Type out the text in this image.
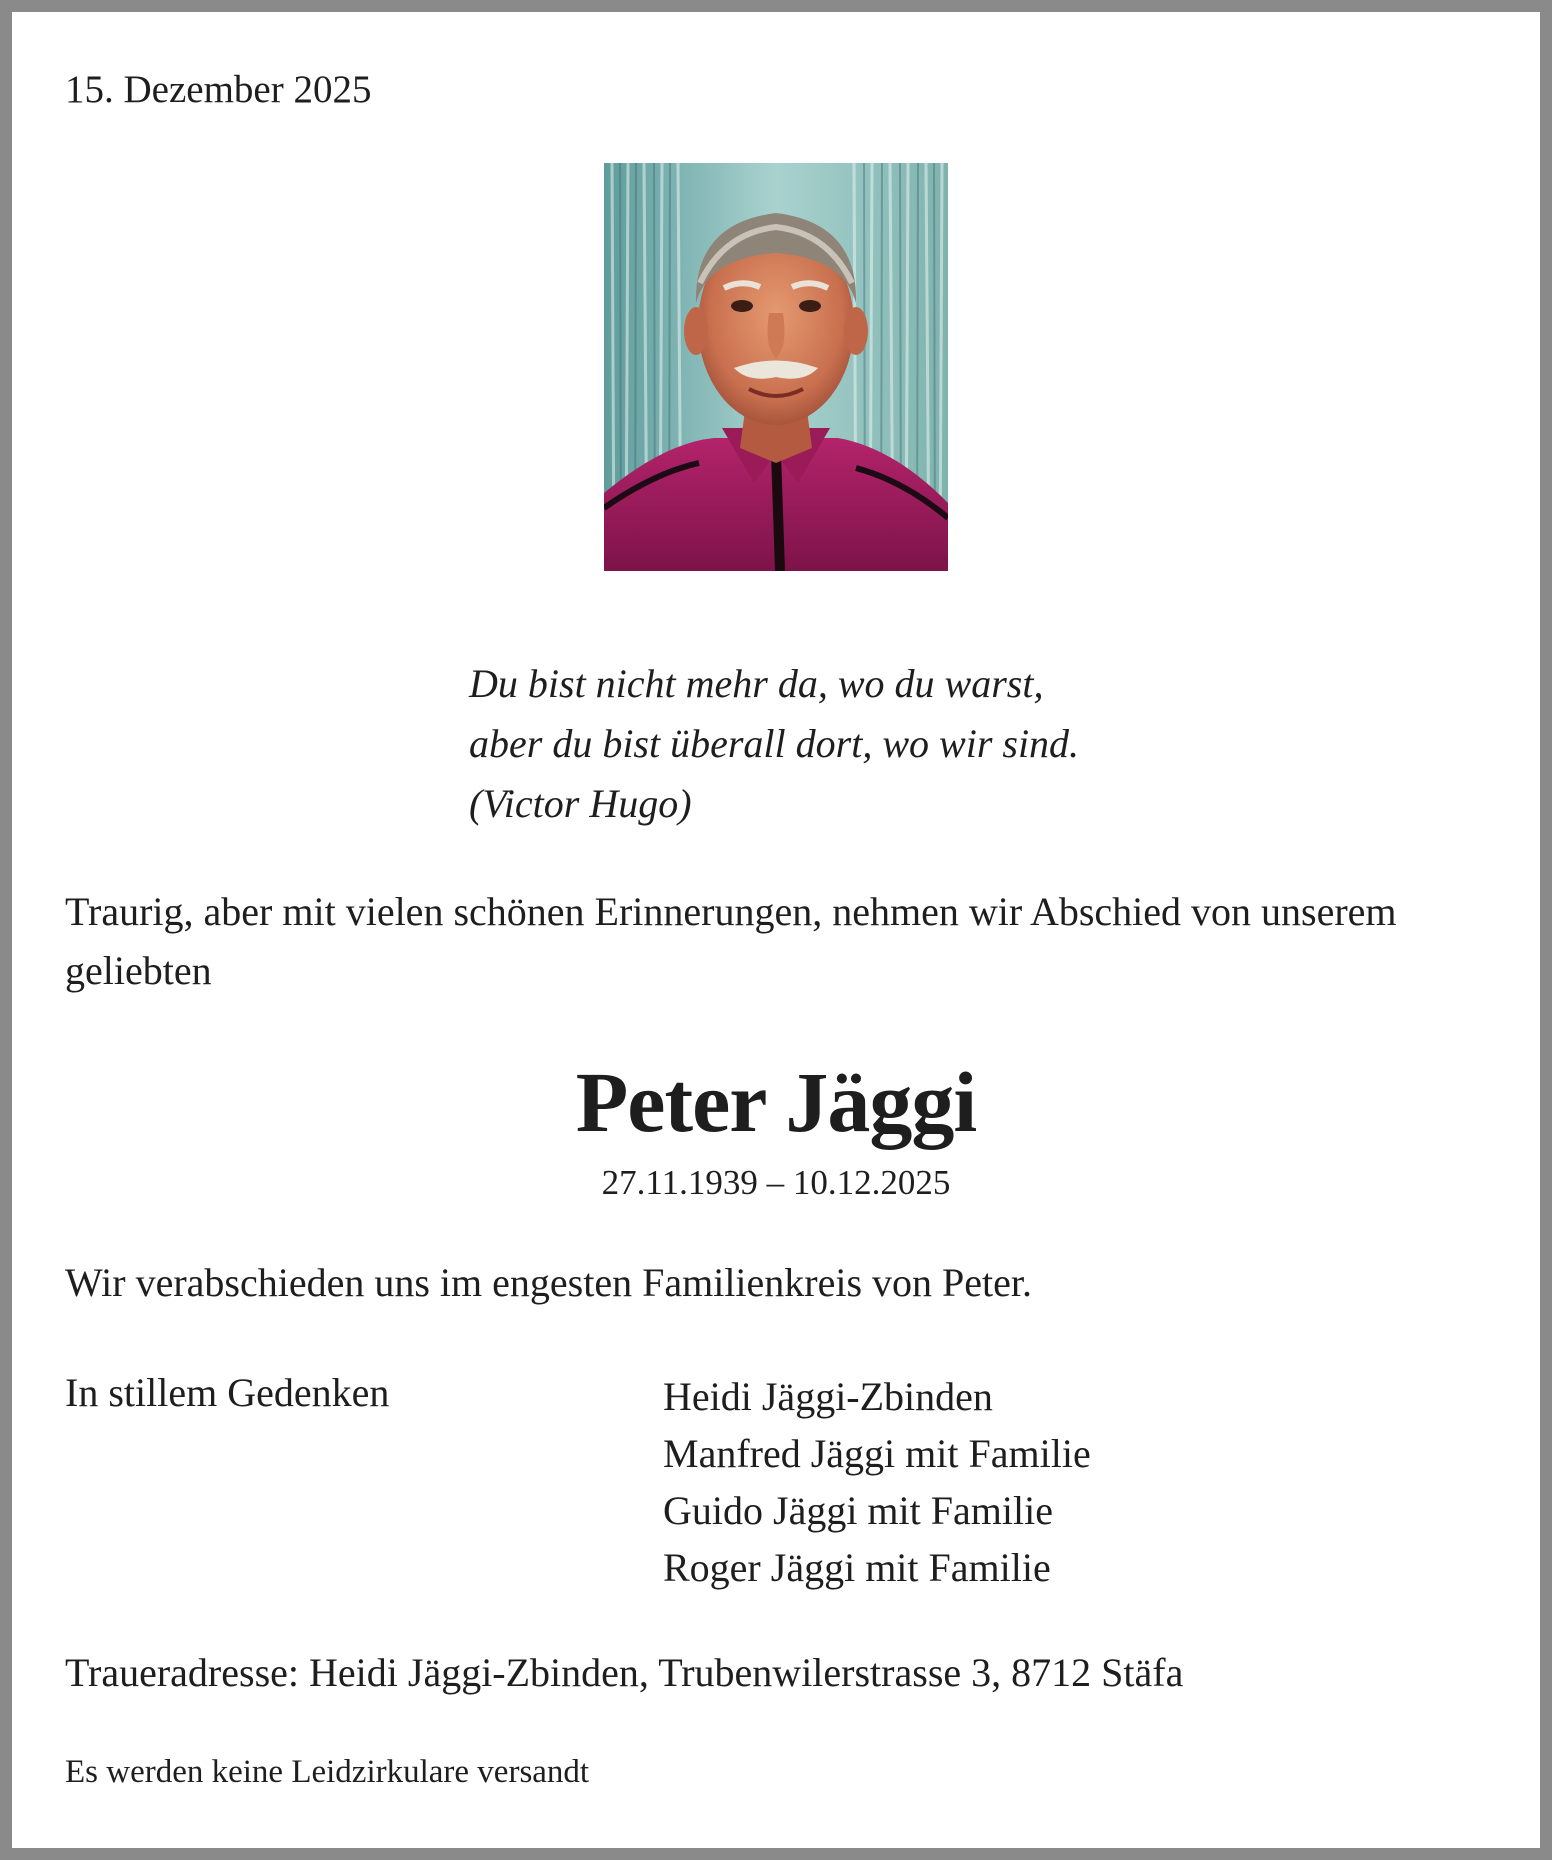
15. Dezember 2025
Du bist nicht mehr da, wo du warst,
aber du bist überall dort, wo wir sind.
(Victor Hugo)
Traurig, aber mit vielen schönen Erinnerungen, nehmen wir Abschied von unserem geliebten
Peter Jäggi
27.11.1939 – 10.12.2025
Wir verabschieden uns im engesten Familienkreis von Peter.
In stillem Gedenken	Heidi Jäggi-Zbinden
Manfred Jäggi mit Familie
Guido Jäggi mit Familie
Roger Jäggi mit Familie
Traueradresse: Heidi Jäggi-Zbinden, Trubenwilerstrasse 3, 8712 Stäfa
Es werden keine Leidzirkulare versandt
